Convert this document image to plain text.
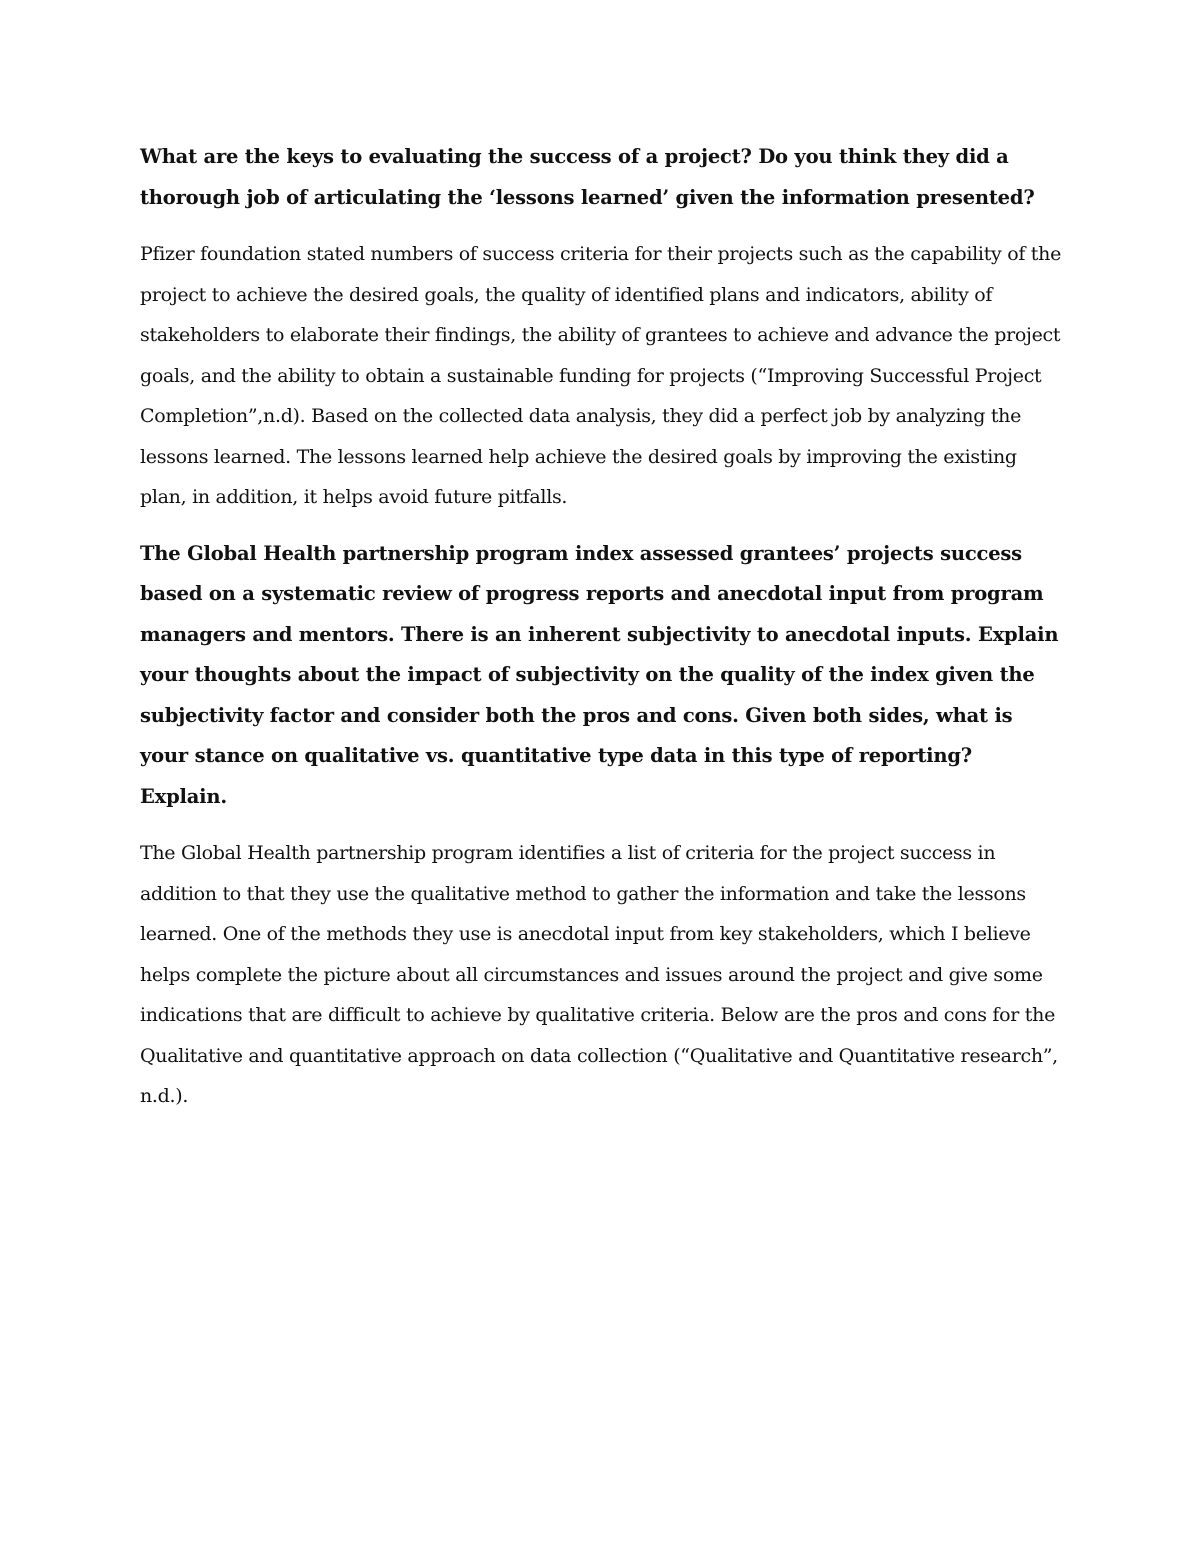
What are the keys to evaluating the success of a project? Do you think they did a thorough job of articulating the ‘lessons learned’ given the information presented?

Pfizer foundation stated numbers of success criteria for their projects such as the capability of the project to achieve the desired goals, the quality of identified plans and indicators, ability of stakeholders to elaborate their findings, the ability of grantees to achieve and advance the project goals, and the ability to obtain a sustainable funding for projects (“Improving Successful Project Completion”,n.d). Based on the collected data analysis, they did a perfect job by analyzing the lessons learned. The lessons learned help achieve the desired goals by improving the existing plan, in addition, it helps avoid future pitfalls.

The Global Health partnership program index assessed grantees’ projects success based on a systematic review of progress reports and anecdotal input from program managers and mentors. There is an inherent subjectivity to anecdotal inputs. Explain your thoughts about the impact of subjectivity on the quality of the index given the subjectivity factor and consider both the pros and cons. Given both sides, what is your stance on qualitative vs. quantitative type data in this type of reporting? Explain.

The Global Health partnership program identifies a list of criteria for the project success in addition to that they use the qualitative method to gather the information and take the lessons learned. One of the methods they use is anecdotal input from key stakeholders, which I believe helps complete the picture about all circumstances and issues around the project and give some indications that are difficult to achieve by qualitative criteria. Below are the pros and cons for the Qualitative and quantitative approach on data collection (“Qualitative and Quantitative research”, n.d.).
